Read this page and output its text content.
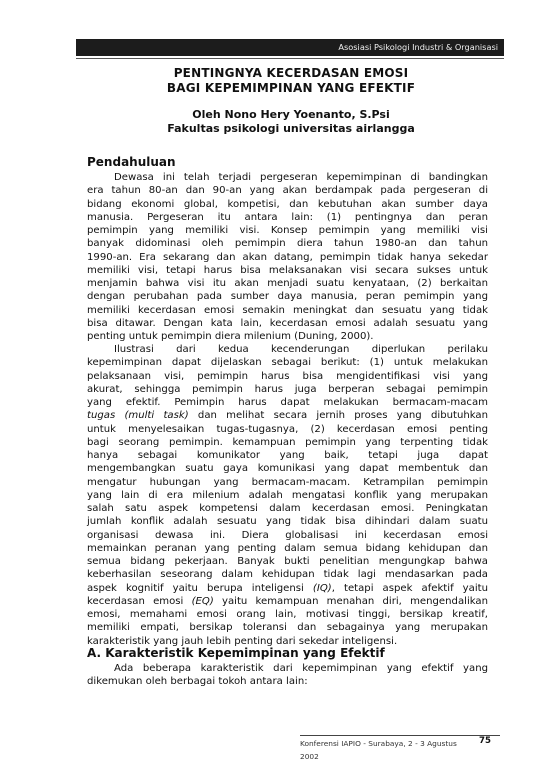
Asosiasi Psikologi Industri & Organisasi
PENTINGNYA KECERDASAN EMOSI
BAGI KEPEMIMPINAN YANG EFEKTIF
Oleh Nono Hery Yoenanto, S.Psi
Fakultas psikologi universitas airlangga
Pendahuluan
Dewasa ini telah terjadi pergeseran kepemimpinan di bandingkan
era tahun 80-an dan 90-an yang akan berdampak pada pergeseran di
bidang ekonomi global, kompetisi, dan kebutuhan akan sumber daya
manusia. Pergeseran itu antara lain: (1) pentingnya dan peran
pemimpin yang memiliki visi. Konsep pemimpin yang memiliki visi
banyak didominasi oleh pemimpin diera tahun 1980-an dan tahun
1990-an. Era sekarang dan akan datang, pemimpin tidak hanya sekedar
memiliki visi, tetapi harus bisa melaksanakan visi secara sukses untuk
menjamin bahwa visi itu akan menjadi suatu kenyataan, (2) berkaitan
dengan perubahan pada sumber daya manusia, peran pemimpin yang
memiliki kecerdasan emosi semakin meningkat dan sesuatu yang tidak
bisa ditawar. Dengan kata lain, kecerdasan emosi adalah sesuatu yang
penting untuk pemimpin diera milenium (Duning, 2000).
Ilustrasi dari kedua kecenderungan diperlukan perilaku
kepemimpinan dapat dijelaskan sebagai berikut: (1) untuk melakukan
pelaksanaan visi, pemimpin harus bisa mengidentifikasi visi yang
akurat, sehingga pemimpin harus juga berperan sebagai pemimpin
yang efektif. Pemimpin harus dapat melakukan bermacam-macam
tugas (multi task) dan melihat secara jernih proses yang dibutuhkan
untuk menyelesaikan tugas-tugasnya, (2) kecerdasan emosi penting
bagi seorang pemimpin. kemampuan pemimpin yang terpenting tidak
hanya sebagai komunikator yang baik, tetapi juga dapat
mengembangkan suatu gaya komunikasi yang dapat membentuk dan
mengatur hubungan yang bermacam-macam. Ketrampilan pemimpin
yang lain di era milenium adalah mengatasi konflik yang merupakan
salah satu aspek kompetensi dalam kecerdasan emosi. Peningkatan
jumlah konflik adalah sesuatu yang tidak bisa dihindari dalam suatu
organisasi dewasa ini. Diera globalisasi ini kecerdasan emosi
memainkan peranan yang penting dalam semua bidang kehidupan dan
semua bidang pekerjaan. Banyak bukti penelitian mengungkap bahwa
keberhasilan seseorang dalam kehidupan tidak lagi mendasarkan pada
aspek kognitif yaitu berupa inteligensi (IQ), tetapi aspek afektif yaitu
kecerdasan emosi (EQ) yaitu kemampuan menahan diri, mengendalikan
emosi, memahami emosi orang lain, motivasi tinggi, bersikap kreatif,
memiliki empati, bersikap toleransi dan sebagainya yang merupakan
karakteristik yang jauh lebih penting dari sekedar inteligensi.
A. Karakteristik Kepemimpinan yang Efektif
Ada beberapa karakteristik dari kepemimpinan yang efektif yang
dikemukan oleh berbagai tokoh antara lain:
Konferensi IAPIO - Surabaya, 2 - 3 Agustus	75
2002
